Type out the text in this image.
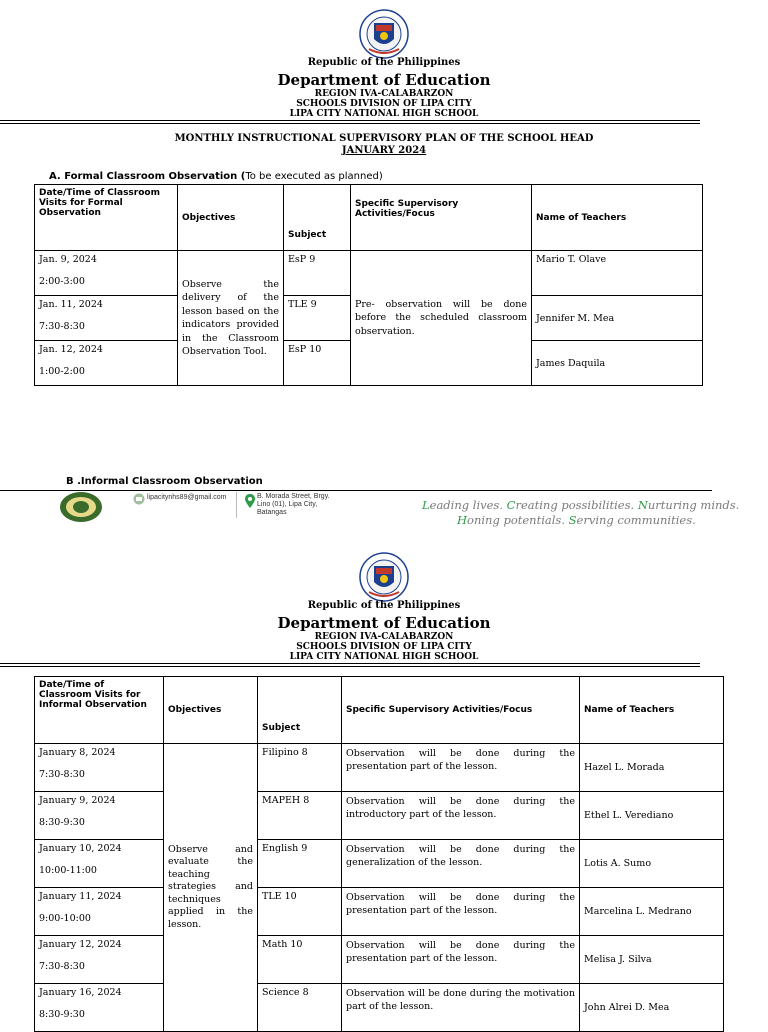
Republic of the Philippines
Department of Education
REGION IVA-CALABARZON
SCHOOLS DIVISION OF LIPA CITY
LIPA CITY NATIONAL HIGH SCHOOL
MONTHLY INSTRUCTIONAL SUPERVISORY PLAN OF THE SCHOOL HEAD
JANUARY 2024
A. Formal Classroom Observation (To be executed as planned)
Date/Time of Classroom Visits for Formal Observation	Objectives	Subject	Specific Supervisory Activities/Focus	Name of Teachers

Jan. 9, 2024
2:00-3:00	Observe the delivery of the lesson based on the indicators provided in the Classroom Observation Tool.	EsP 9	Pre- observation will be done before the scheduled classroom observation.	Mario T. Olave

Jan. 11, 2024
7:30-8:30		TLE 9		Jennifer M. Mea

Jan. 12, 2024
1:00-2:00		EsP 10		James Daquila
B .Informal Classroom Observation
lipacitynhs89@gmail.com	B. Morada Street, Brgy. Lino (01), Lipa City, Batangas
Leading lives. Creating possibilities. Nurturing minds.
Honing potentials. Serving communities.
Republic of the Philippines
Department of Education
REGION IVA-CALABARZON
SCHOOLS DIVISION OF LIPA CITY
LIPA CITY NATIONAL HIGH SCHOOL
Date/Time of Classroom Visits for Informal Observation	Objectives	Subject	Specific Supervisory Activities/Focus	Name of Teachers

January 8, 2024
7:30-8:30	Observe and evaluate the teaching strategies and techniques applied in the lesson.	Filipino 8	Observation will be done during the presentation part of the lesson.	Hazel L. Morada

January 9, 2024
8:30-9:30		MAPEH 8	Observation will be done during the introductory part of the lesson.	Ethel L. Verediano

January 10, 2024
10:00-11:00		English 9	Observation will be done during the generalization of the lesson.	Lotis A. Sumo

January 11, 2024
9:00-10:00		TLE 10	Observation will be done during the presentation part of the lesson.	Marcelina L. Medrano

January 12, 2024
7:30-8:30		Math 10	Observation will be done during the presentation part of the lesson.	Melisa J. Silva

January 16, 2024
8:30-9:30		Science 8	Observation will be done during the motivation part of the lesson.	John Alrei D. Mea
